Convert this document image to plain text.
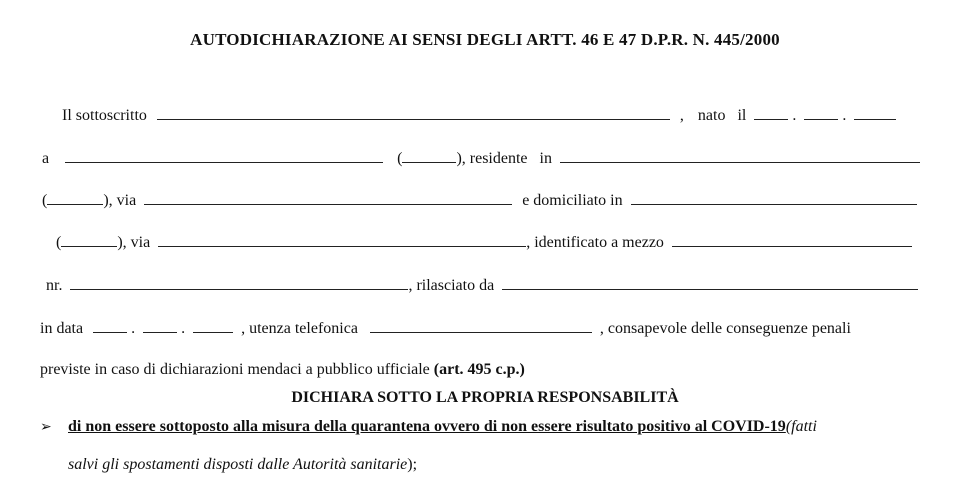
AUTODICHIARAZIONE AI SENSI DEGLI ARTT. 46 E 47 D.P.R. N. 445/2000
Il sottoscritto	, nato il	.	.
a	(	), residente in
(	), via	e domiciliato in
(	), via	, identificato a mezzo
nr.	, rilasciato da
in data	.	.	, utenza telefonica	, consapevole delle conseguenze penali
previste in caso di dichiarazioni mendaci a pubblico ufficiale (art. 495 c.p.)
DICHIARA SOTTO LA PROPRIA RESPONSABILITÀ
➢ di non essere sottoposto alla misura della quarantena ovvero di non essere risultato positivo al COVID-19(fatti
salvi gli spostamenti disposti dalle Autorità sanitarie);
